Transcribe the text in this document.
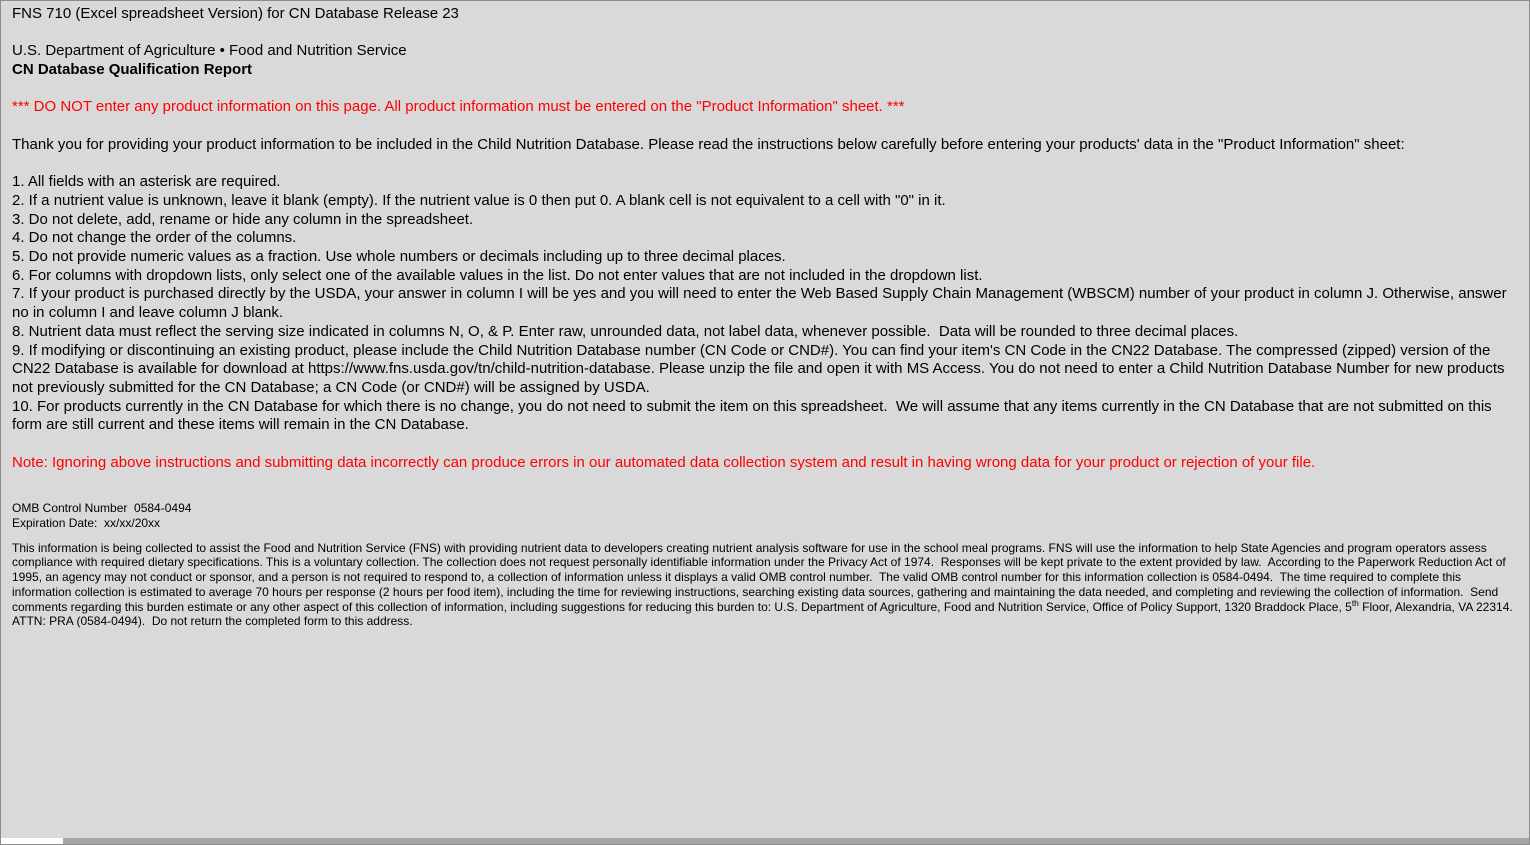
FNS 710 (Excel spreadsheet Version) for CN Database Release 23
U.S. Department of Agriculture • Food and Nutrition Service
CN Database Qualification Report
*** DO NOT enter any product information on this page. All product information must be entered on the "Product Information" sheet. ***
Thank you for providing your product information to be included in the Child Nutrition Database. Please read the instructions below carefully before entering your products' data in the "Product Information" sheet:
1. All fields with an asterisk are required.
2. If a nutrient value is unknown, leave it blank (empty). If the nutrient value is 0 then put 0. A blank cell is not equivalent to a cell with "0" in it.
3. Do not delete, add, rename or hide any column in the spreadsheet.
4. Do not change the order of the columns.
5. Do not provide numeric values as a fraction. Use whole numbers or decimals including up to three decimal places.
6. For columns with dropdown lists, only select one of the available values in the list. Do not enter values that are not included in the dropdown list.
7. If your product is purchased directly by the USDA, your answer in column I will be yes and you will need to enter the Web Based Supply Chain Management (WBSCM) number of your product in column J. Otherwise, answer no in column I and leave column J blank.
8. Nutrient data must reflect the serving size indicated in columns N, O, & P. Enter raw, unrounded data, not label data, whenever possible.  Data will be rounded to three decimal places.
9. If modifying or discontinuing an existing product, please include the Child Nutrition Database number (CN Code or CND#). You can find your item's CN Code in the CN22 Database. The compressed (zipped) version of the CN22 Database is available for download at https://www.fns.usda.gov/tn/child-nutrition-database. Please unzip the file and open it with MS Access. You do not need to enter a Child Nutrition Database Number for new products not previously submitted for the CN Database; a CN Code (or CND#) will be assigned by USDA.
10. For products currently in the CN Database for which there is no change, you do not need to submit the item on this spreadsheet.  We will assume that any items currently in the CN Database that are not submitted on this form are still current and these items will remain in the CN Database.
Note: Ignoring above instructions and submitting data incorrectly can produce errors in our automated data collection system and result in having wrong data for your product or rejection of your file.
OMB Control Number  0584-0494
Expiration Date:  xx/xx/20xx
This information is being collected to assist the Food and Nutrition Service (FNS) with providing nutrient data to developers creating nutrient analysis software for use in the school meal programs. FNS will use the information to help State Agencies and program operators assess compliance with required dietary specifications. This is a voluntary collection. The collection does not request personally identifiable information under the Privacy Act of 1974.  Responses will be kept private to the extent provided by law.  According to the Paperwork Reduction Act of 1995, an agency may not conduct or sponsor, and a person is not required to respond to, a collection of information unless it displays a valid OMB control number.  The valid OMB control number for this information collection is 0584-0494.  The time required to complete this information collection is estimated to average 70 hours per response (2 hours per food item), including the time for reviewing instructions, searching existing data sources, gathering and maintaining the data needed, and completing and reviewing the collection of information.  Send comments regarding this burden estimate or any other aspect of this collection of information, including suggestions for reducing this burden to: U.S. Department of Agriculture, Food and Nutrition Service, Office of Policy Support, 1320 Braddock Place, 5th Floor, Alexandria, VA 22314.  ATTN: PRA (0584-0494).  Do not return the completed form to this address.
